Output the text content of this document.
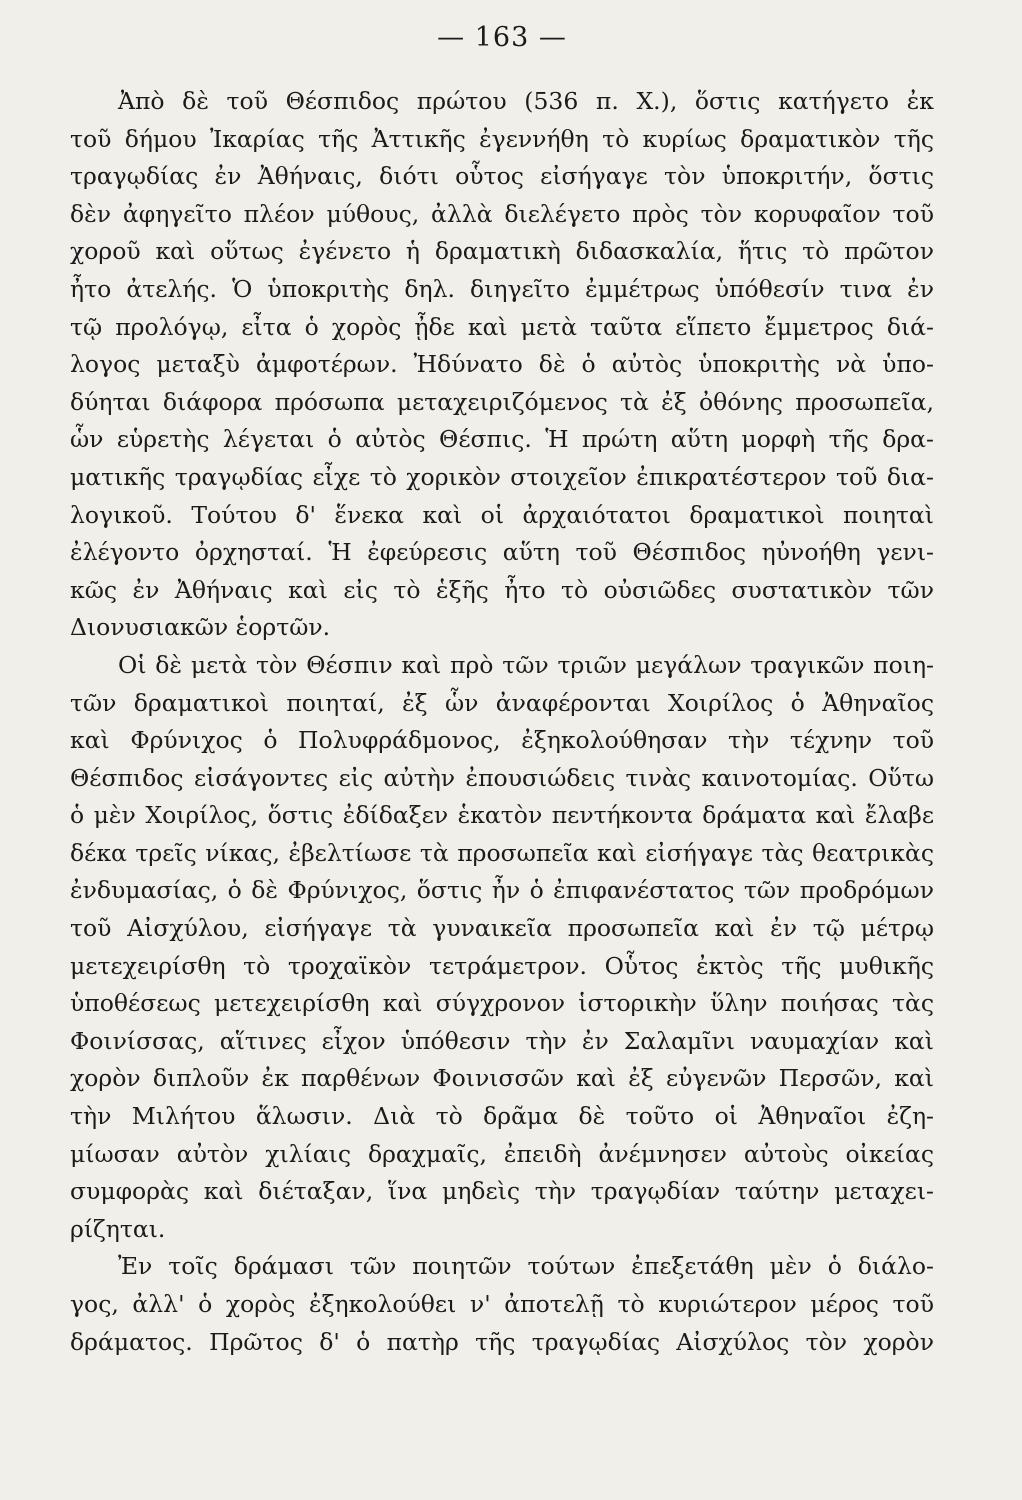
— 163 —
Ἀπὸ δὲ τοῦ Θέσπιδος πρώτου (536 π. Χ.), ὅστις κατήγετο ἐκ
τοῦ δήμου Ἰκαρίας τῆς Ἀττικῆς ἐγεννήθη τὸ κυρίως δραματικὸν τῆς
τραγῳδίας ἐν Ἀθήναις, διότι οὗτος εἰσήγαγε τὸν ὑποκριτήν, ὅστις
δὲν ἀφηγεῖτο πλέον μύθους, ἀλλὰ διελέγετο πρὸς τὸν κορυφαῖον τοῦ
χοροῦ καὶ οὕτως ἐγένετο ἡ δραματικὴ διδασκαλία, ἥτις τὸ πρῶτον
ἦτο ἀτελής. Ὁ ὑποκριτὴς δηλ. διηγεῖτο ἐμμέτρως ὑπόθεσίν τινα ἐν
τῷ προλόγῳ, εἶτα ὁ χορὸς ᾖδε καὶ μετὰ ταῦτα εἵπετο ἔμμετρος διά-
λογος μεταξὺ ἀμφοτέρων. Ἠδύνατο δὲ ὁ αὐτὸς ὑποκριτὴς νὰ ὑπο-
δύηται διάφορα πρόσωπα μεταχειριζόμενος τὰ ἐξ ὀθόνης προσωπεῖα,
ὧν εὑρετὴς λέγεται ὁ αὐτὸς Θέσπις. Ἡ πρώτη αὕτη μορφὴ τῆς δρα-
ματικῆς τραγῳδίας εἶχε τὸ χορικὸν στοιχεῖον ἐπικρατέστερον τοῦ δια-
λογικοῦ. Τούτου δ' ἕνεκα καὶ οἱ ἀρχαιότατοι δραματικοὶ ποιηταὶ
ἐλέγοντο ὀρχησταί. Ἡ ἐφεύρεσις αὕτη τοῦ Θέσπιδος ηὐνοήθη γενι-
κῶς ἐν Ἀθήναις καὶ εἰς τὸ ἑξῆς ἦτο τὸ οὐσιῶδες συστατικὸν τῶν
Διονυσιακῶν ἑορτῶν.
Οἱ δὲ μετὰ τὸν Θέσπιν καὶ πρὸ τῶν τριῶν μεγάλων τραγικῶν ποιη-
τῶν δραματικοὶ ποιηταί, ἐξ ὧν ἀναφέρονται Χοιρίλος ὁ Ἀθηναῖος
καὶ Φρύνιχος ὁ Πολυφράδμονος, ἐξηκολούθησαν τὴν τέχνην τοῦ
Θέσπιδος εἰσάγοντες εἰς αὐτὴν ἐπουσιώδεις τινὰς καινοτομίας. Οὕτω
ὁ μὲν Χοιρίλος, ὅστις ἐδίδαξεν ἑκατὸν πεντήκοντα δράματα καὶ ἔλαβε
δέκα τρεῖς νίκας, ἐβελτίωσε τὰ προσωπεῖα καὶ εἰσήγαγε τὰς θεατρικὰς
ἐνδυμασίας, ὁ δὲ Φρύνιχος, ὅστις ἦν ὁ ἐπιφανέστατος τῶν προδρόμων
τοῦ Αἰσχύλου, εἰσήγαγε τὰ γυναικεῖα προσωπεῖα καὶ ἐν τῷ μέτρῳ
μετεχειρίσθη τὸ τροχαϊκὸν τετράμετρον. Οὗτος ἐκτὸς τῆς μυθικῆς
ὑποθέσεως μετεχειρίσθη καὶ σύγχρονον ἱστορικὴν ὕλην ποιήσας τὰς
Φοινίσσας, αἵτινες εἶχον ὑπόθεσιν τὴν ἐν Σαλαμῖνι ναυμαχίαν καὶ
χορὸν διπλοῦν ἐκ παρθένων Φοινισσῶν καὶ ἐξ εὐγενῶν Περσῶν, καὶ
τὴν Μιλήτου ἅλωσιν. Διὰ τὸ δρᾶμα δὲ τοῦτο οἱ Ἀθηναῖοι ἐζη-
μίωσαν αὐτὸν χιλίαις δραχμαῖς, ἐπειδὴ ἀνέμνησεν αὐτοὺς οἰκείας
συμφορὰς καὶ διέταξαν, ἵνα μηδεὶς τὴν τραγῳδίαν ταύτην μεταχει-
ρίζηται.
Ἐν τοῖς δράμασι τῶν ποιητῶν τούτων ἐπεξετάθη μὲν ὁ διάλο-
γος, ἀλλ' ὁ χορὸς ἐξηκολούθει ν' ἀποτελῇ τὸ κυριώτερον μέρος τοῦ
δράματος. Πρῶτος δ' ὁ πατὴρ τῆς τραγῳδίας Αἰσχύλος τὸν χορὸν
